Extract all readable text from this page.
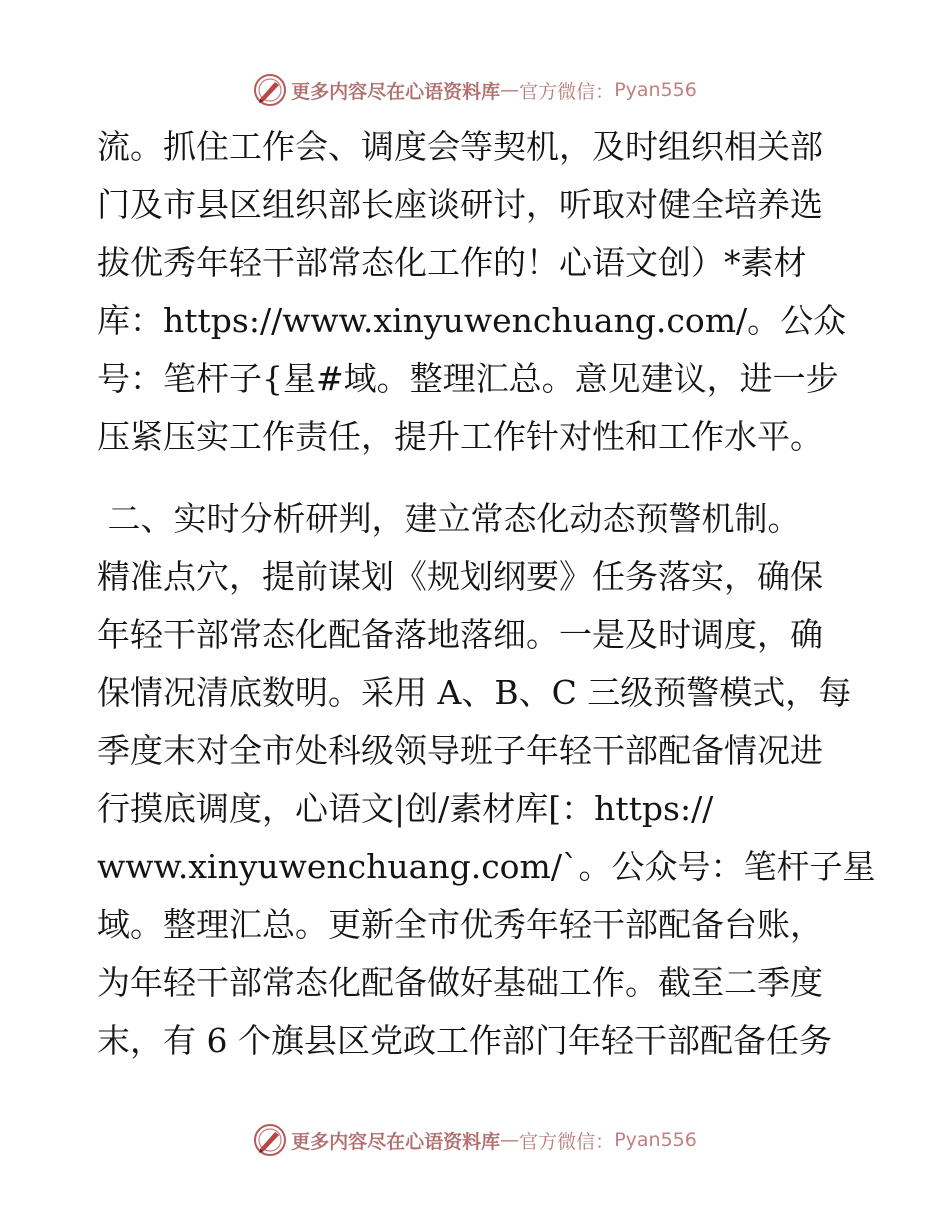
更多内容尽在心语资料库 — 官方微信： Pyan556
流。抓住工作会、调度会等契机，及时组织相关部
门及市县区组织部长座谈研讨，听取对健全培养选
拔优秀年轻干部常态化工作的！心语文创）*素材
库：https://www.xinyuwenchuang.com/。公众
号：笔杆子{星#域。整理汇总。意见建议，进一步
压紧压实工作责任，提升工作针对性和工作水平。
二、实时分析研判，建立常态化动态预警机制。
精准点穴，提前谋划《规划纲要》任务落实，确保
年轻干部常态化配备落地落细。一是及时调度，确
保情况清底数明。采用 A、B、C 三级预警模式，每
季度末对全市处科级领导班子年轻干部配备情况进
行摸底调度，心语文|创/素材库[：https://
www.xinyuwenchuang.com/`。公众号：笔杆子星
域。整理汇总。更新全市优秀年轻干部配备台账，
为年轻干部常态化配备做好基础工作。截至二季度
末，有 6 个旗县区党政工作部门年轻干部配备任务
更多内容尽在心语资料库 — 官方微信： Pyan556
